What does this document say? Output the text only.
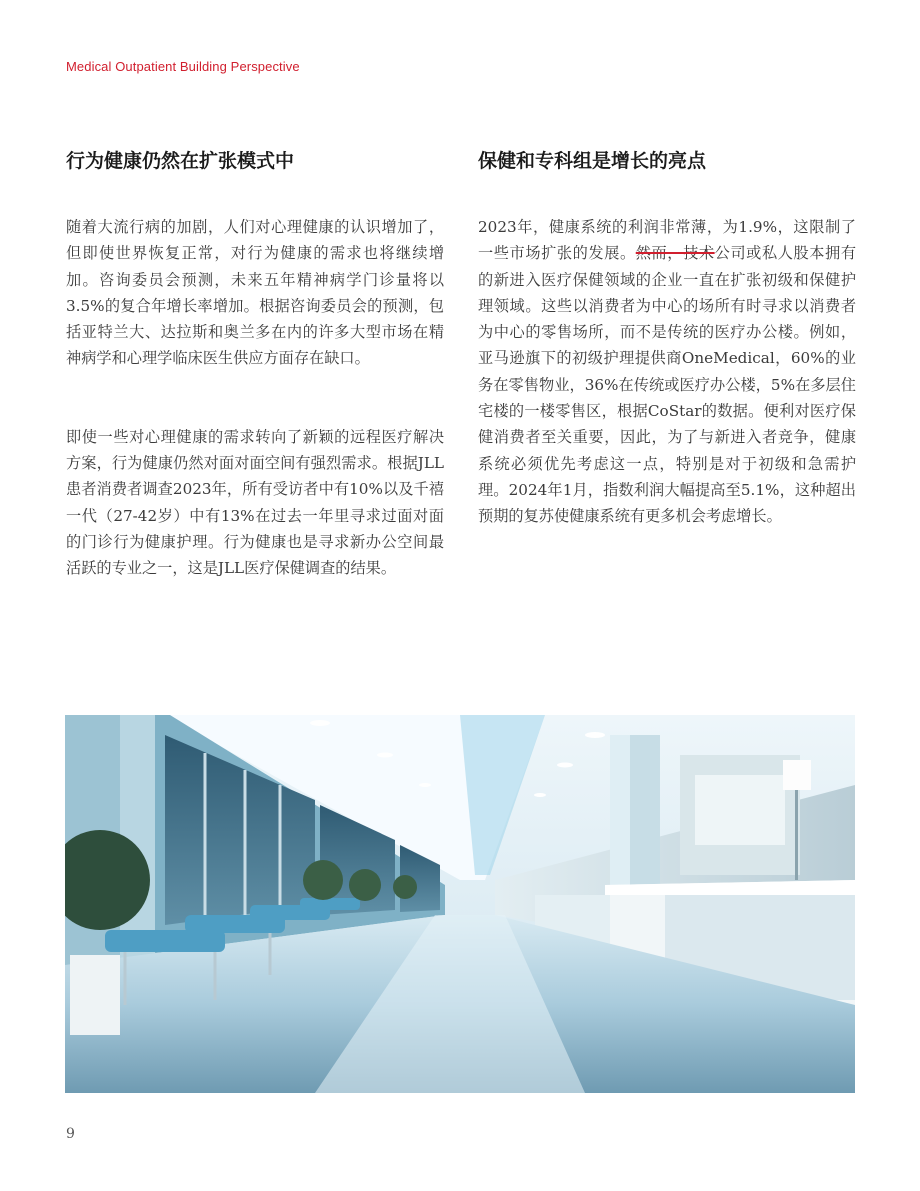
Medical Outpatient Building Perspective
行为健康仍然在扩张模式中

随着大流行病的加剧，人们对心理健康的认识增加了，但即使世界恢复正常，对行为健康的需求也将继续增加。咨询委员会预测，未来五年精神病学门诊量将以3.5%的复合年增长率增加。根据咨询委员会的预测，包括亚特兰大、达拉斯和奥兰多在内的许多大型市场在精神病学和心理学临床医生供应方面存在缺口。

即使一些对心理健康的需求转向了新颖的远程医疗解决方案，行为健康仍然对面对面空间有强烈需求。根据JLL患者消费者调查2023年，所有受访者中有10%以及千禧一代（27-42岁）中有13%在过去一年里寻求过面对面的门诊行为健康护理。行为健康也是寻求新办公空间最活跃的专业之一，这是JLL医疗保健调查的结果。

保健和专科组是增长的亮点

2023年，健康系统的利润非常薄，为1.9%，这限制了一些市场扩张的发展。然而，技术公司或私人股本拥有的新进入医疗保健领域的企业一直在扩张初级和保健护理领域。这些以消费者为中心的场所有时寻求以消费者为中心的零售场所，而不是传统的医疗办公楼。例如，亚马逊旗下的初级护理提供商OneMedical，60%的业务在零售物业，36%在传统或医疗办公楼，5%在多层住宅楼的一楼零售区，根据CoStar的数据。便利对医疗保健消费者至关重要，因此，为了与新进入者竞争，健康系统必须优先考虑这一点，特别是对于初级和急需护理。2024年1月，指数利润大幅提高至5.1%，这种超出预期的复苏使健康系统有更多机会考虑增长。

9
